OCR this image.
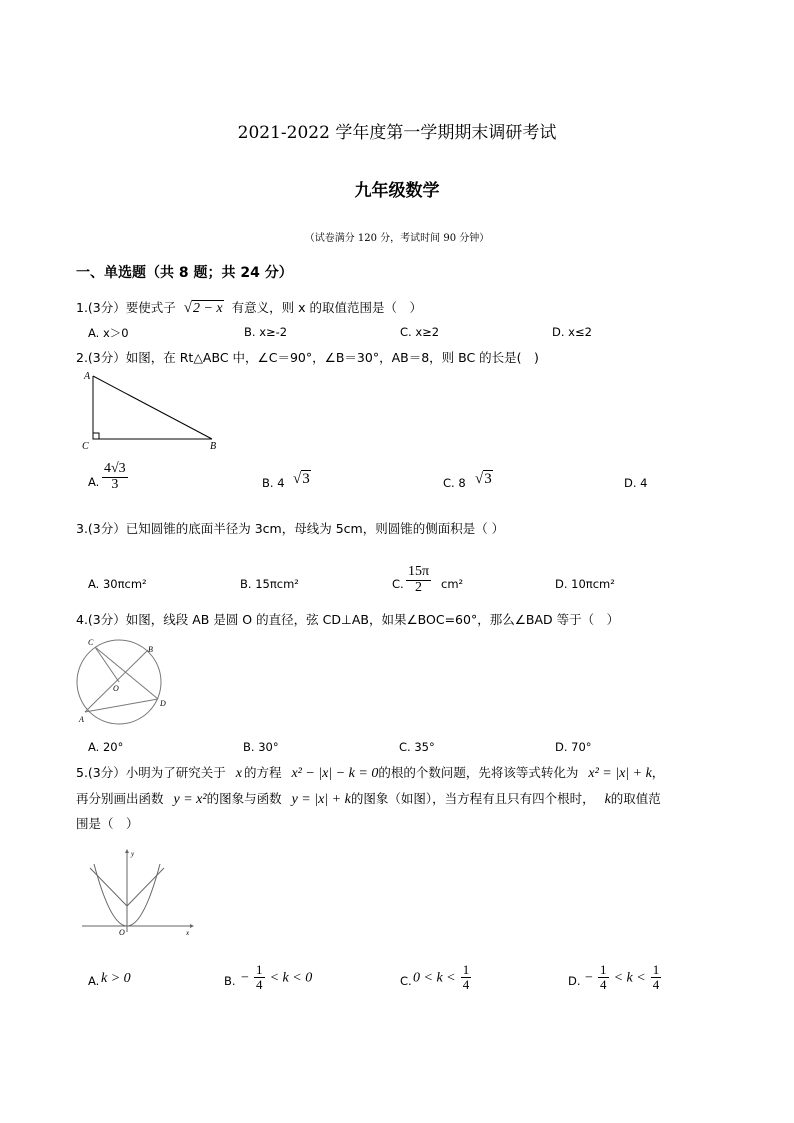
2021-2022 学年度第一学期期末调研考试
九年级数学
（试卷满分 120 分，考试时间 90 分钟）
一、单选题（共 8 题；共 24 分）
1.(3分）要使式子 √2 − x 有意义，则 x 的取值范围是（　）
A. x＞0	B. x≥-2	C. x≥2	D. x≤2
2.(3分）如图，在 Rt△ABC 中，∠C＝90°，∠B＝30°，AB＝8，则 BC 的长是(　)
A
C	B
A. $\frac{4√3}{3}$	B. 4 √3	C. 8 √3	D. 4
3.(3分）已知圆锥的底面半径为 3cm，母线为 5cm，则圆锥的侧面积是（ ）
A. 30πcm²	B. 15πcm²	C. $\frac{15\pi}{2} cm^2$	D. 10πcm²
4.(3分）如图，线段 AB 是圆 O 的直径，弦 CD⊥AB，如果∠BOC=60°，那么∠BAD 等于（　）
C
B
O
D
A
A. 20°	B. 30°	C. 35°	D. 70°
5.(3分）小明为了研究关于 x 的方程 x² − |x| − k = 0的根的个数问题，先将该等式转化为 x² = |x| + k，
再分别画出函数 y = x²的图象与函数 y = |x| + k的图象（如图），当方程有且只有四个根时， k的取值范
围是（　）
y
x
O
A. k > 0	B. − $\frac{1}{4} < k < 0$	C. $0 < k < \frac{1}{4}$	D. − $\frac{1}{4} < k < \frac{1}{4}$
